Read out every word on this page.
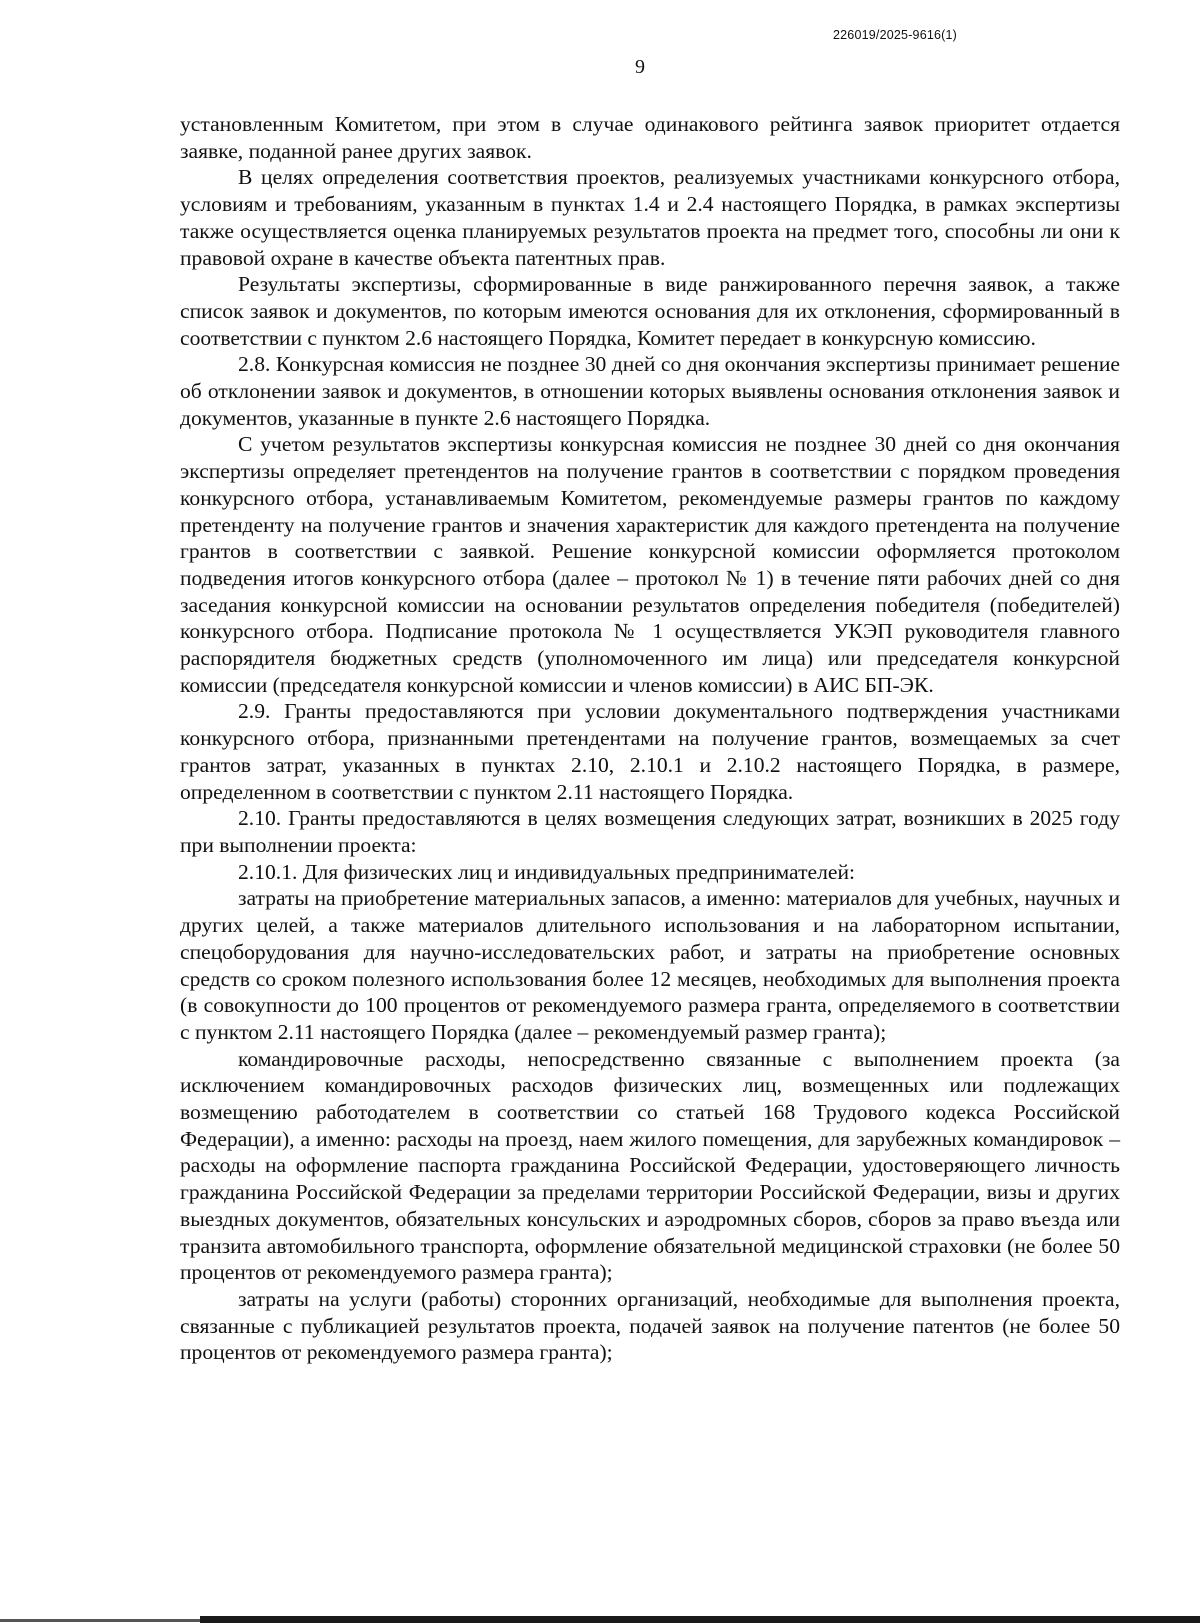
226019/2025-9616(1)
9

установленным Комитетом, при этом в случае одинакового рейтинга заявок приоритет отдается заявке, поданной ранее других заявок.

В целях определения соответствия проектов, реализуемых участниками конкурсного отбора, условиям и требованиям, указанным в пунктах 1.4 и 2.4 настоящего Порядка, в рамках экспертизы также осуществляется оценка планируемых результатов проекта на предмет того, способны ли они к правовой охране в качестве объекта патентных прав.

Результаты экспертизы, сформированные в виде ранжированного перечня заявок, а также список заявок и документов, по которым имеются основания для их отклонения, сформированный в соответствии с пунктом 2.6 настоящего Порядка, Комитет передает в конкурсную комиссию.

2.8. Конкурсная комиссия не позднее 30 дней со дня окончания экспертизы принимает решение об отклонении заявок и документов, в отношении которых выявлены основания отклонения заявок и документов, указанные в пункте 2.6 настоящего Порядка.

С учетом результатов экспертизы конкурсная комиссия не позднее 30 дней со дня окончания экспертизы определяет претендентов на получение грантов в соответствии с порядком проведения конкурсного отбора, устанавливаемым Комитетом, рекомендуемые размеры грантов по каждому претенденту на получение грантов и значения характеристик для каждого претендента на получение грантов в соответствии с заявкой. Решение конкурсной комиссии оформляется протоколом подведения итогов конкурсного отбора (далее – протокол № 1) в течение пяти рабочих дней со дня заседания конкурсной комиссии на основании результатов определения победителя (победителей) конкурсного отбора. Подписание протокола № 1 осуществляется УКЭП руководителя главного распорядителя бюджетных средств (уполномоченного им лица) или председателя конкурсной комиссии (председателя конкурсной комиссии и членов комиссии) в АИС БП-ЭК.

2.9. Гранты предоставляются при условии документального подтверждения участниками конкурсного отбора, признанными претендентами на получение грантов, возмещаемых за счет грантов затрат, указанных в пунктах 2.10, 2.10.1 и 2.10.2 настоящего Порядка, в размере, определенном в соответствии с пунктом 2.11 настоящего Порядка.

2.10. Гранты предоставляются в целях возмещения следующих затрат, возникших в 2025 году при выполнении проекта:

2.10.1. Для физических лиц и индивидуальных предпринимателей:

затраты на приобретение материальных запасов, а именно: материалов для учебных, научных и других целей, а также материалов длительного использования и на лабораторном испытании, спецоборудования для научно-исследовательских работ, и затраты на приобретение основных средств со сроком полезного использования более 12 месяцев, необходимых для выполнения проекта (в совокупности до 100 процентов от рекомендуемого размера гранта, определяемого в соответствии с пунктом 2.11 настоящего Порядка (далее – рекомендуемый размер гранта);

командировочные расходы, непосредственно связанные с выполнением проекта (за исключением командировочных расходов физических лиц, возмещенных или подлежащих возмещению работодателем в соответствии со статьей 168 Трудового кодекса Российской Федерации), а именно: расходы на проезд, наем жилого помещения, для зарубежных командировок – расходы на оформление паспорта гражданина Российской Федерации, удостоверяющего личность гражданина Российской Федерации за пределами территории Российской Федерации, визы и других выездных документов, обязательных консульских и аэродромных сборов, сборов за право въезда или транзита автомобильного транспорта, оформление обязательной медицинской страховки (не более 50 процентов от рекомендуемого размера гранта);

затраты на услуги (работы) сторонних организаций, необходимые для выполнения проекта, связанные с публикацией результатов проекта, подачей заявок на получение патентов (не более 50 процентов от рекомендуемого размера гранта);
